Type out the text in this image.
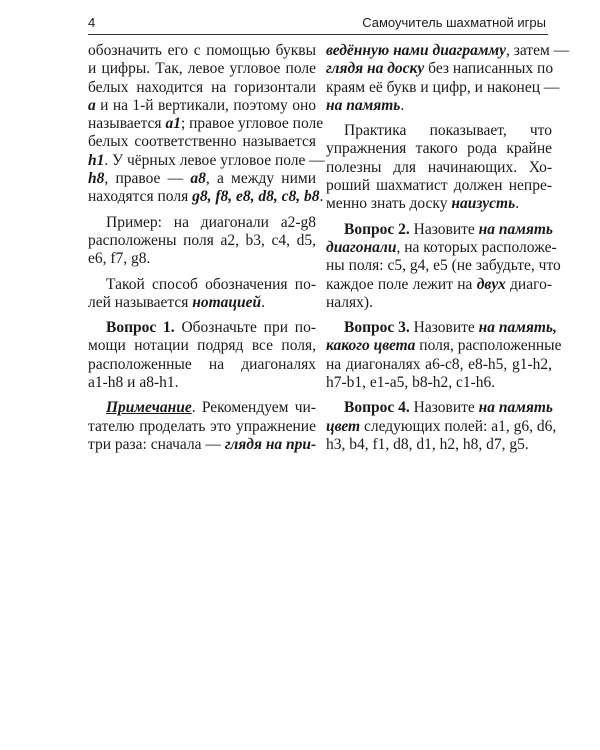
4	Самоучитель шахматной игры
обозначить его с помощью буквы
и цифры. Так, левое угловое поле
белых находится на горизонтали
a и на 1-й вертикали, поэтому оно
называется a1; правое угловое поле
белых соответственно называется
h1. У чёрных левое угловое поле —
h8, правое — a8, а между ними
находятся поля g8, f8, e8, d8, c8, b8.
Пример: на диагонали a2-g8
расположены поля a2, b3, c4, d5,
e6, f7, g8.
Такой способ обозначения по-
лей называется нотацией.
Вопрос 1. Обозначьте при по-
мощи нотации подряд все поля,
расположенные на диагоналях
a1-h8 и a8-h1.
Примечание. Рекомендуем чи-
тателю проделать это упражнение
три раза: сначала — глядя на при-
ведённую нами диаграмму, затем —
глядя на доску без написанных по
краям её букв и цифр, и наконец —
на память.
Практика показывает, что
упражнения такого рода крайне
полезны для начинающих. Хо-
роший шахматист должен непре-
менно знать доску наизусть.
Вопрос 2. Назовите на память
диагонали, на которых расположе-
ны поля: c5, g4, e5 (не забудьте, что
каждое поле лежит на двух диаго-
налях).
Вопрос 3. Назовите на память,
какого цвета поля, расположенные
на диагоналях a6-c8, e8-h5, g1-h2,
h7-b1, e1-a5, b8-h2, c1-h6.
Вопрос 4. Назовите на память
цвет следующих полей: a1, g6, d6,
h3, b4, f1, d8, d1, h2, h8, d7, g5.
